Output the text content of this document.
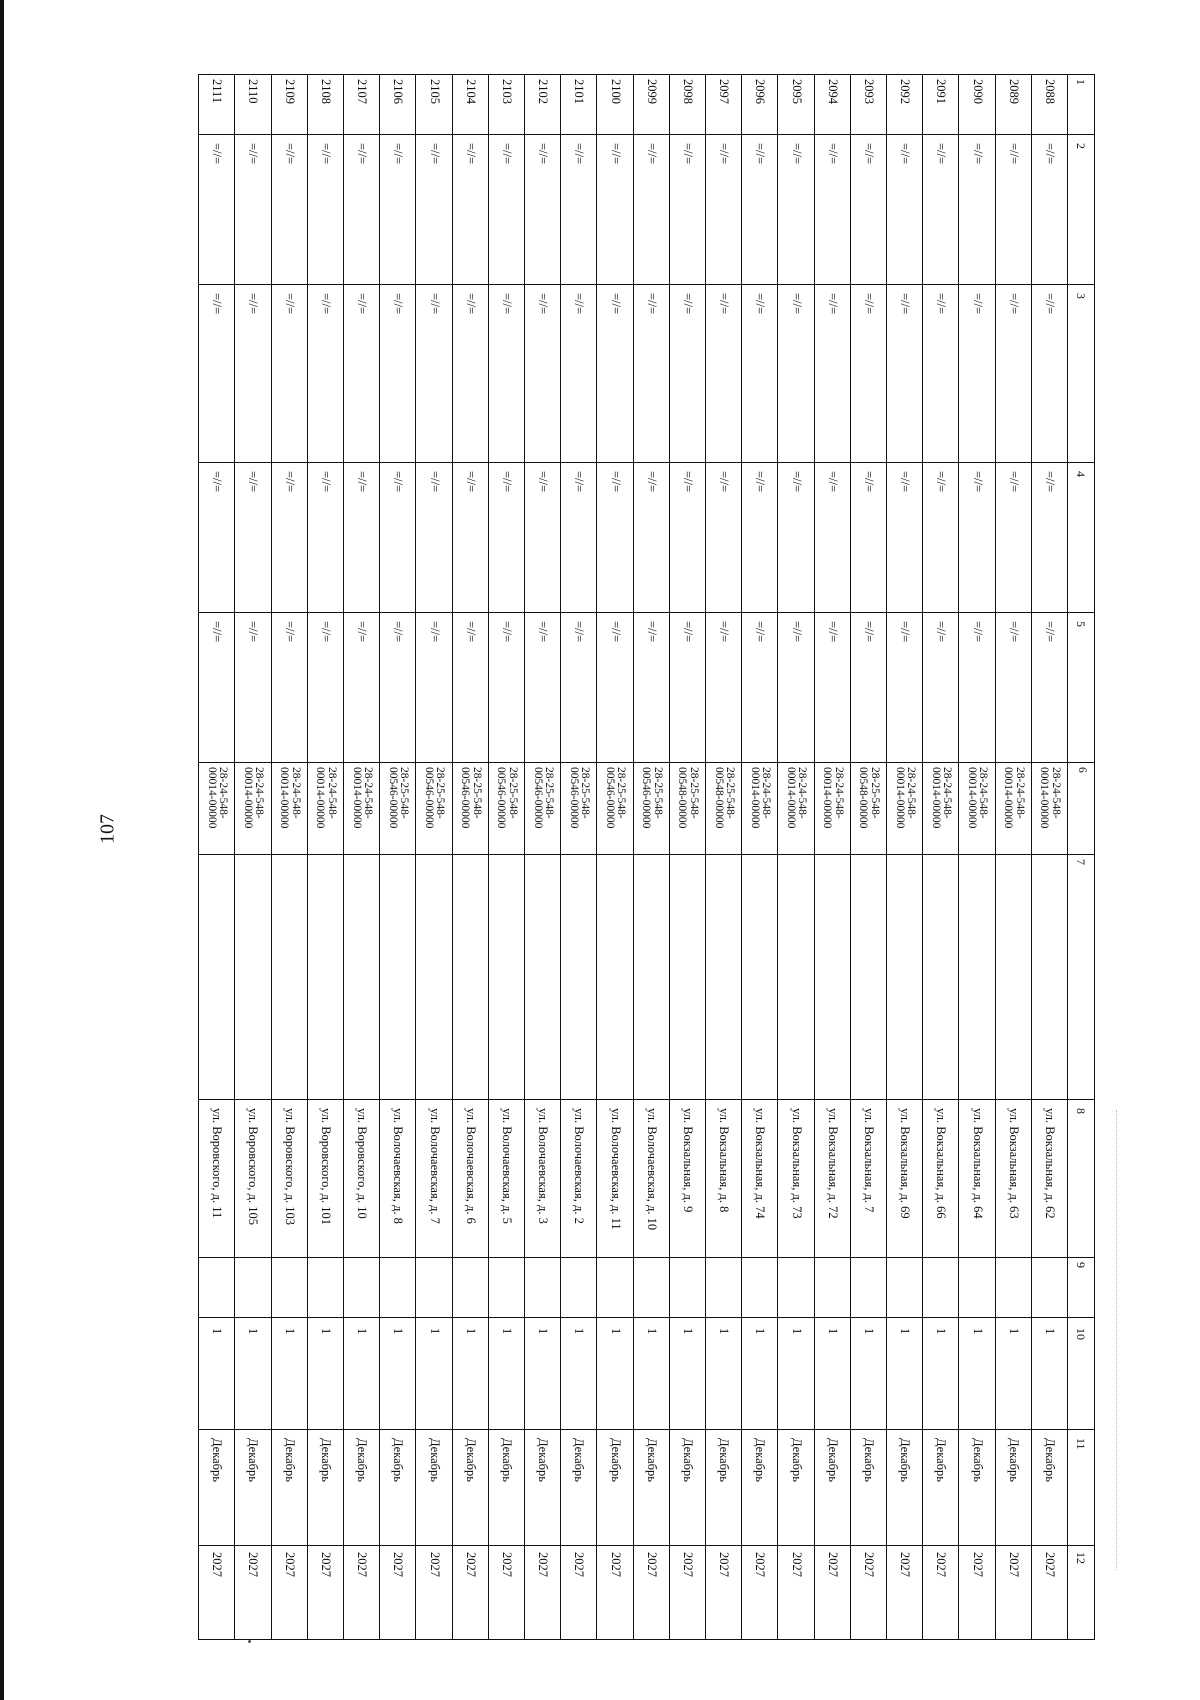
107
1	2	3	4	5	6	7	8	9	10	11	12
2088	=//=	=//=	=//=	=//=	28-24-548-
00014-00000		ул. Вокзальная, д. 62		1	Декабрь	2027
2089	=//=	=//=	=//=	=//=	28-24-548-
00014-00000		ул. Вокзальная, д. 63		1	Декабрь	2027
2090	=//=	=//=	=//=	=//=	28-24-548-
00014-00000		ул. Вокзальная, д. 64		1	Декабрь	2027
2091	=//=	=//=	=//=	=//=	28-24-548-
00014-00000		ул. Вокзальная, д. 66		1	Декабрь	2027
2092	=//=	=//=	=//=	=//=	28-24-548-
00014-00000		ул. Вокзальная, д. 69		1	Декабрь	2027
2093	=//=	=//=	=//=	=//=	28-25-548-
00548-00000		ул. Вокзальная, д. 7		1	Декабрь	2027
2094	=//=	=//=	=//=	=//=	28-24-548-
00014-00000		ул. Вокзальная, д. 72		1	Декабрь	2027
2095	=//=	=//=	=//=	=//=	28-24-548-
00014-00000		ул. Вокзальная, д. 73		1	Декабрь	2027
2096	=//=	=//=	=//=	=//=	28-24-548-
00014-00000		ул. Вокзальная, д. 74		1	Декабрь	2027
2097	=//=	=//=	=//=	=//=	28-25-548-
00548-00000		ул. Вокзальная, д. 8		1	Декабрь	2027
2098	=//=	=//=	=//=	=//=	28-25-548-
00548-00000		ул. Вокзальная, д. 9		1	Декабрь	2027
2099	=//=	=//=	=//=	=//=	28-25-548-
00546-00000		ул. Волочаевская, д. 10		1	Декабрь	2027
2100	=//=	=//=	=//=	=//=	28-25-548-
00546-00000		ул. Волочаевская, д. 11		1	Декабрь	2027
2101	=//=	=//=	=//=	=//=	28-25-548-
00546-00000		ул. Волочаевская, д. 2		1	Декабрь	2027
2102	=//=	=//=	=//=	=//=	28-25-548-
00546-00000		ул. Волочаевская, д. 3		1	Декабрь	2027
2103	=//=	=//=	=//=	=//=	28-25-548-
00546-00000		ул. Волочаевская, д. 5		1	Декабрь	2027
2104	=//=	=//=	=//=	=//=	28-25-548-
00546-00000		ул. Волочаевская, д. 6		1	Декабрь	2027
2105	=//=	=//=	=//=	=//=	28-25-548-
00546-00000		ул. Волочаевская, д. 7		1	Декабрь	2027
2106	=//=	=//=	=//=	=//=	28-25-548-
00546-00000		ул. Волочаевская, д. 8		1	Декабрь	2027
2107	=//=	=//=	=//=	=//=	28-24-548-
00014-00000		ул. Воровского, д. 10		1	Декабрь	2027
2108	=//=	=//=	=//=	=//=	28-24-548-
00014-00000		ул. Воровского, д. 101		1	Декабрь	2027
2109	=//=	=//=	=//=	=//=	28-24-548-
00014-00000		ул. Воровского, д. 103		1	Декабрь	2027
2110	=//=	=//=	=//=	=//=	28-24-548-
00014-00000		ул. Воровского, д. 105		1	Декабрь	2027
2111	=//=	=//=	=//=	=//=	28-24-548-
00014-00000		ул. Воровского, д. 11		1	Декабрь	2027
